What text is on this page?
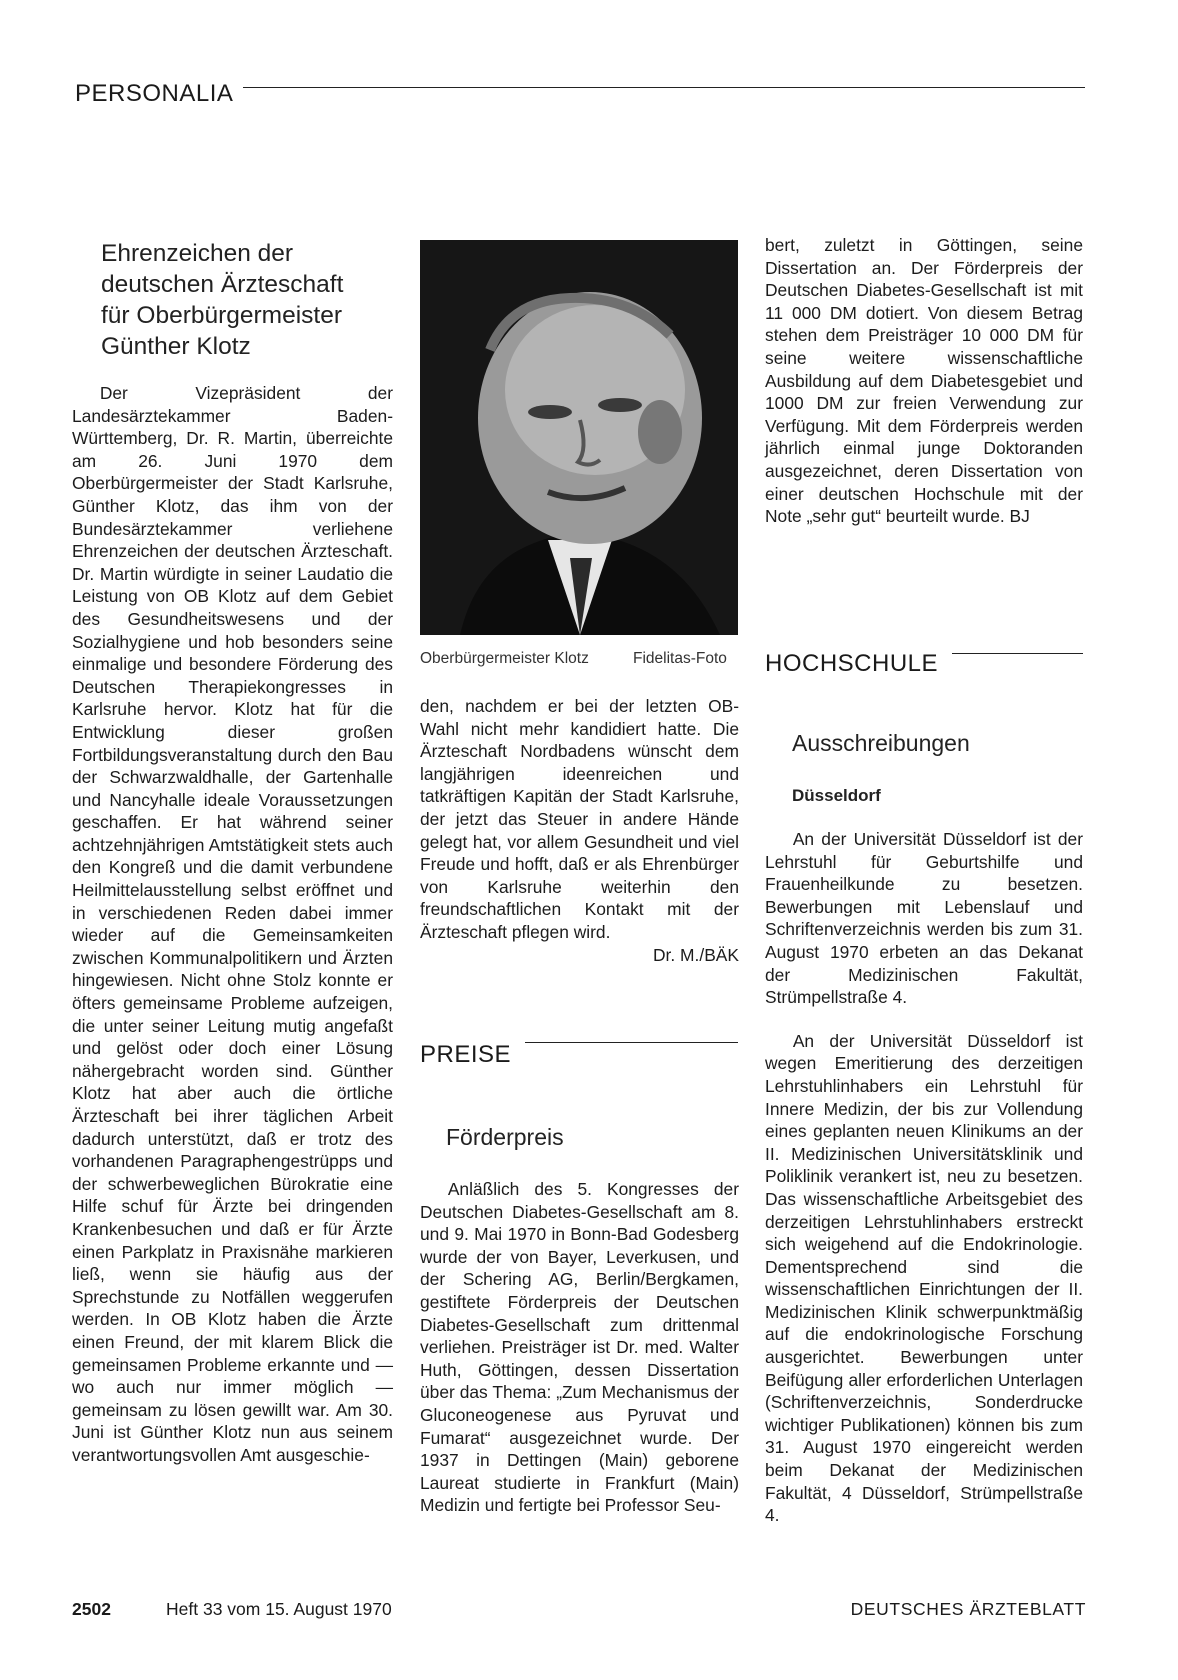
PERSONALIA
Ehrenzeichen der
deutschen Ärzteschaft
für Oberbürgermeister
Günther Klotz

Der Vizepräsident der Landesärztekammer Baden-Württemberg, Dr. R. Martin, überreichte am 26. Juni 1970 dem Oberbürgermeister der Stadt Karlsruhe, Günther Klotz, das ihm von der Bundesärztekammer verliehene Ehrenzeichen der deutschen Ärzteschaft. Dr. Martin würdigte in seiner Laudatio die Leistung von OB Klotz auf dem Gebiet des Gesundheitswesens und der Sozialhygiene und hob besonders seine einmalige und besondere Förderung des Deutschen Therapiekongresses in Karlsruhe hervor. Klotz hat für die Entwicklung dieser großen Fortbildungsveranstaltung durch den Bau der Schwarzwaldhalle, der Gartenhalle und Nancyhalle ideale Voraussetzungen geschaffen. Er hat während seiner achtzehnjährigen Amtstätigkeit stets auch den Kongreß und die damit verbundene Heilmittelausstellung selbst eröffnet und in verschiedenen Reden dabei immer wieder auf die Gemeinsamkeiten zwischen Kommunalpolitikern und Ärzten hingewiesen. Nicht ohne Stolz konnte er öfters gemeinsame Probleme aufzeigen, die unter seiner Leitung mutig angefaßt und gelöst oder doch einer Lösung nähergebracht worden sind. Günther Klotz hat aber auch die örtliche Ärzteschaft bei ihrer täglichen Arbeit dadurch unterstützt, daß er trotz des vorhandenen Paragraphengestrüpps und der schwerbeweglichen Bürokratie eine Hilfe schuf für Ärzte bei dringenden Krankenbesuchen und daß er für Ärzte einen Parkplatz in Praxisnähe markieren ließ, wenn sie häufig aus der Sprechstunde zu Notfällen weggerufen werden. In OB Klotz haben die Ärzte einen Freund, der mit klarem Blick die gemeinsamen Probleme erkannte und — wo auch nur immer möglich — gemeinsam zu lösen gewillt war. Am 30. Juni ist Günther Klotz nun aus seinem verantwortungsvollen Amt ausgeschie-

Oberbürgermeister Klotz	Fidelitas-Foto

den, nachdem er bei der letzten OB-Wahl nicht mehr kandidiert hatte. Die Ärzteschaft Nordbadens wünscht dem langjährigen ideenreichen und tatkräftigen Kapitän der Stadt Karlsruhe, der jetzt das Steuer in andere Hände gelegt hat, vor allem Gesundheit und viel Freude und hofft, daß er als Ehrenbürger von Karlsruhe weiterhin den freundschaftlichen Kontakt mit der Ärzteschaft pflegen wird.

Dr. M./BÄK

PREISE
Förderpreis

Anläßlich des 5. Kongresses der Deutschen Diabetes-Gesellschaft am 8. und 9. Mai 1970 in Bonn-Bad Godesberg wurde der von Bayer, Leverkusen, und der Schering AG, Berlin/Bergkamen, gestiftete Förderpreis der Deutschen Diabetes-Gesellschaft zum drittenmal verliehen. Preisträger ist Dr. med. Walter Huth, Göttingen, dessen Dissertation über das Thema: „Zum Mechanismus der Gluconeogenese aus Pyruvat und Fumarat“ ausgezeichnet wurde. Der 1937 in Dettingen (Main) geborene Laureat studierte in Frankfurt (Main) Medizin und fertigte bei Professor Seu-

bert, zuletzt in Göttingen, seine Dissertation an. Der Förderpreis der Deutschen Diabetes-Gesellschaft ist mit 11 000 DM dotiert. Von diesem Betrag stehen dem Preisträger 10 000 DM für seine weitere wissenschaftliche Ausbildung auf dem Diabetesgebiet und 1000 DM zur freien Verwendung zur Verfügung. Mit dem Förderpreis werden jährlich einmal junge Doktoranden ausgezeichnet, deren Dissertation von einer deutschen Hochschule mit der Note „sehr gut“ beurteilt wurde. BJ

HOCHSCHULE
Ausschreibungen
Düsseldorf

An der Universität Düsseldorf ist der Lehrstuhl für Geburtshilfe und Frauenheilkunde zu besetzen. Bewerbungen mit Lebenslauf und Schriftenverzeichnis werden bis zum 31. August 1970 erbeten an das Dekanat der Medizinischen Fakultät, Strümpellstraße 4.

An der Universität Düsseldorf ist wegen Emeritierung des derzeitigen Lehrstuhlinhabers ein Lehrstuhl für Innere Medizin, der bis zur Vollendung eines geplanten neuen Klinikums an der II. Medizinischen Universitätsklinik und Poliklinik verankert ist, neu zu besetzen. Das wissenschaftliche Arbeitsgebiet des derzeitigen Lehrstuhlinhabers erstreckt sich weigehend auf die Endokrinologie. Dementsprechend sind die wissenschaftlichen Einrichtungen der II. Medizinischen Klinik schwerpunktmäßig auf die endokrinologische Forschung ausgerichtet. Bewerbungen unter Beifügung aller erforderlichen Unterlagen (Schriftenverzeichnis, Sonderdrucke wichtiger Publikationen) können bis zum 31. August 1970 eingereicht werden beim Dekanat der Medizinischen Fakultät, 4 Düsseldorf, Strümpellstraße 4.

2502	Heft 33 vom 15. August 1970	DEUTSCHES ÄRZTEBLATT
